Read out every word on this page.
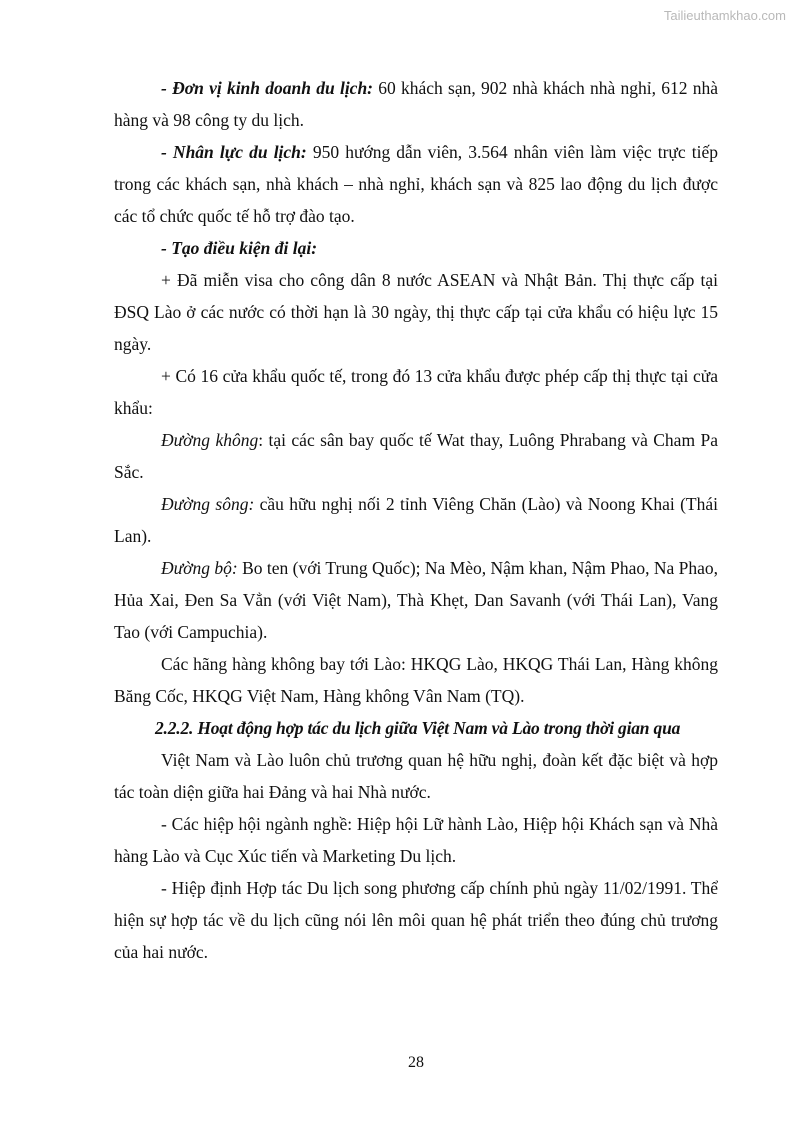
Tailieuthamkhao.com

- Đơn vị kinh doanh du lịch: 60 khách sạn, 902 nhà khách nhà nghỉ, 612 nhà hàng và 98 công ty du lịch.

- Nhân lực du lịch: 950 hướng dẫn viên, 3.564 nhân viên làm việc trực tiếp trong các khách sạn, nhà khách – nhà nghỉ, khách sạn và 825 lao động du lịch được các tổ chức quốc tế hỗ trợ đào tạo.

- Tạo điều kiện đi lại:

+ Đã miễn visa cho công dân 8 nước ASEAN và Nhật Bản. Thị thực cấp tại ĐSQ Lào ở các nước có thời hạn là 30 ngày, thị thực cấp tại cửa khẩu có hiệu lực 15 ngày.

+ Có 16 cửa khẩu quốc tế, trong đó 13 cửa khẩu được phép cấp thị thực tại cửa khẩu:

Đường không: tại các sân bay quốc tế Wat thay, Luông Phrabang và Cham Pa Sắc.

Đường sông: cầu hữu nghị nối 2 tỉnh Viêng Chăn (Lào) và Noong Khai (Thái Lan).

Đường bộ: Bo ten (với Trung Quốc); Na Mèo, Nậm khan, Nậm Phao, Na Phao, Hủa Xai, Đen Sa Vẳn (với Việt Nam), Thà Khẹt, Dan Savanh (với Thái Lan), Vang Tao (với Campuchia).

Các hãng hàng không bay tới Lào: HKQG Lào, HKQG Thái Lan, Hàng không Băng Cốc, HKQG Việt Nam, Hàng không Vân Nam (TQ).

2.2.2. Hoạt động hợp tác du lịch giữa Việt Nam và Lào trong thời gian qua

Việt Nam và Lào luôn chủ trương quan hệ hữu nghị, đoàn kết đặc biệt và hợp tác toàn diện giữa hai Đảng và hai Nhà nước.

- Các hiệp hội ngành nghề: Hiệp hội Lữ hành Lào, Hiệp hội Khách sạn và Nhà hàng Lào và Cục Xúc tiến và Marketing Du lịch.

- Hiệp định Hợp tác Du lịch song phương cấp chính phủ ngày 11/02/1991. Thể hiện sự hợp tác về du lịch cũng nói lên môi quan hệ phát triển theo đúng chủ trương của hai nước.

28
